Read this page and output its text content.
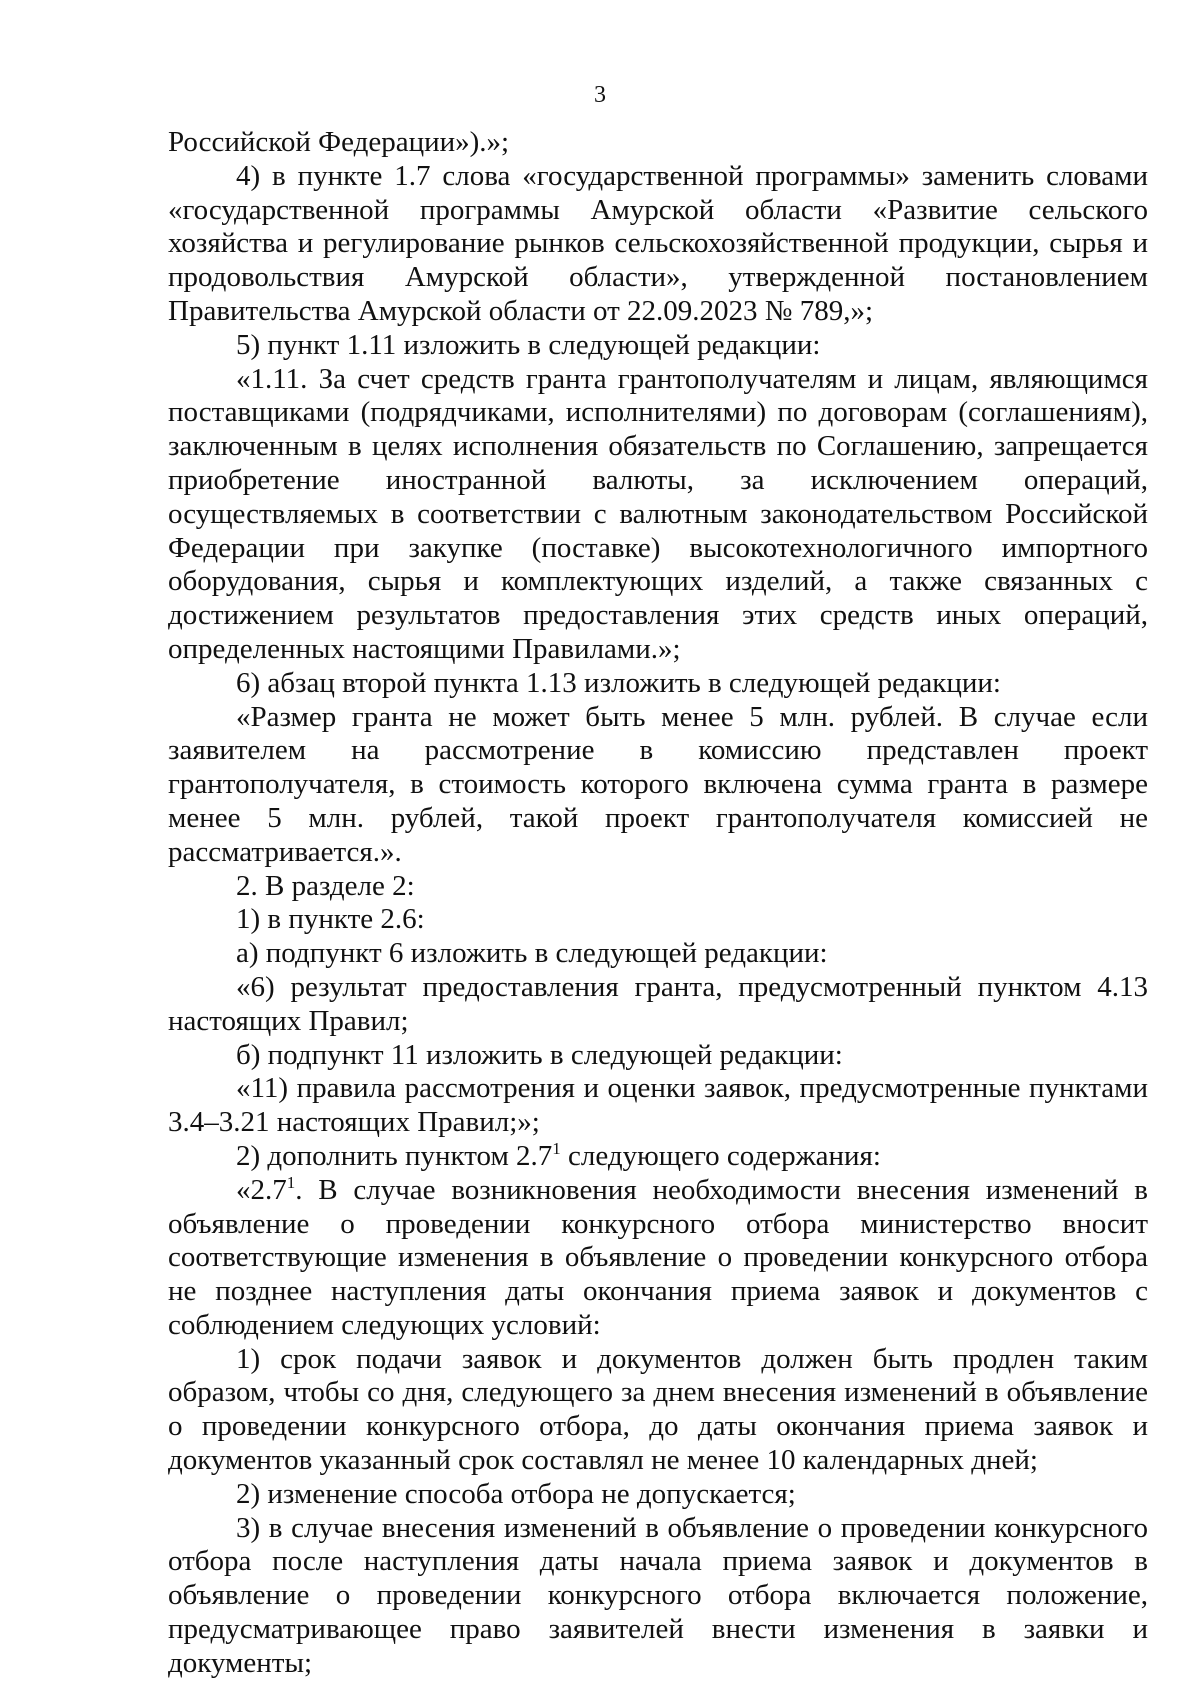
3

Российской Федерации»).»;

4) в пункте 1.7 слова «государственной программы» заменить словами «государственной программы Амурской области «Развитие сельского хозяйства и регулирование рынков сельскохозяйственной продукции, сырья и продовольствия Амурской области», утвержденной постановлением Правительства Амурской области от 22.09.2023 № 789,»;

5) пункт 1.11 изложить в следующей редакции:

«1.11. За счет средств гранта грантополучателям и лицам, являющимся поставщиками (подрядчиками, исполнителями) по договорам (соглашениям), заключенным в целях исполнения обязательств по Соглашению, запрещается приобретение иностранной валюты, за исключением операций, осуществляемых в соответствии с валютным законодательством Российской Федерации при закупке (поставке) высокотехнологичного импортного оборудования, сырья и комплектующих изделий, а также связанных с достижением результатов предоставления этих средств иных операций, определенных настоящими Правилами.»;

6) абзац второй пункта 1.13 изложить в следующей редакции:

«Размер гранта не может быть менее 5 млн. рублей. В случае если заявителем на рассмотрение в комиссию представлен проект грантополучателя, в стоимость которого включена сумма гранта в размере менее 5 млн. рублей, такой проект грантополучателя комиссией не рассматривается.».

2. В разделе 2:

1) в пункте 2.6:

а) подпункт 6 изложить в следующей редакции:

«6) результат предоставления гранта, предусмотренный пунктом 4.13 настоящих Правил;

б) подпункт 11 изложить в следующей редакции:

«11) правила рассмотрения и оценки заявок, предусмотренные пунктами 3.4–3.21 настоящих Правил;»;

2) дополнить пунктом $2.7^1$ следующего содержания:

«$2.7^1$. В случае возникновения необходимости внесения изменений в объявление о проведении конкурсного отбора министерство вносит соответствующие изменения в объявление о проведении конкурсного отбора не позднее наступления даты окончания приема заявок и документов с соблюдением следующих условий:

1) срок подачи заявок и документов должен быть продлен таким образом, чтобы со дня, следующего за днем внесения изменений в объявление о проведении конкурсного отбора, до даты окончания приема заявок и документов указанный срок составлял не менее 10 календарных дней;

2) изменение способа отбора не допускается;

3) в случае внесения изменений в объявление о проведении конкурсного отбора после наступления даты начала приема заявок и документов в объявление о проведении конкурсного отбора включается положение, предусматривающее право заявителей внести изменения в заявки и документы;
